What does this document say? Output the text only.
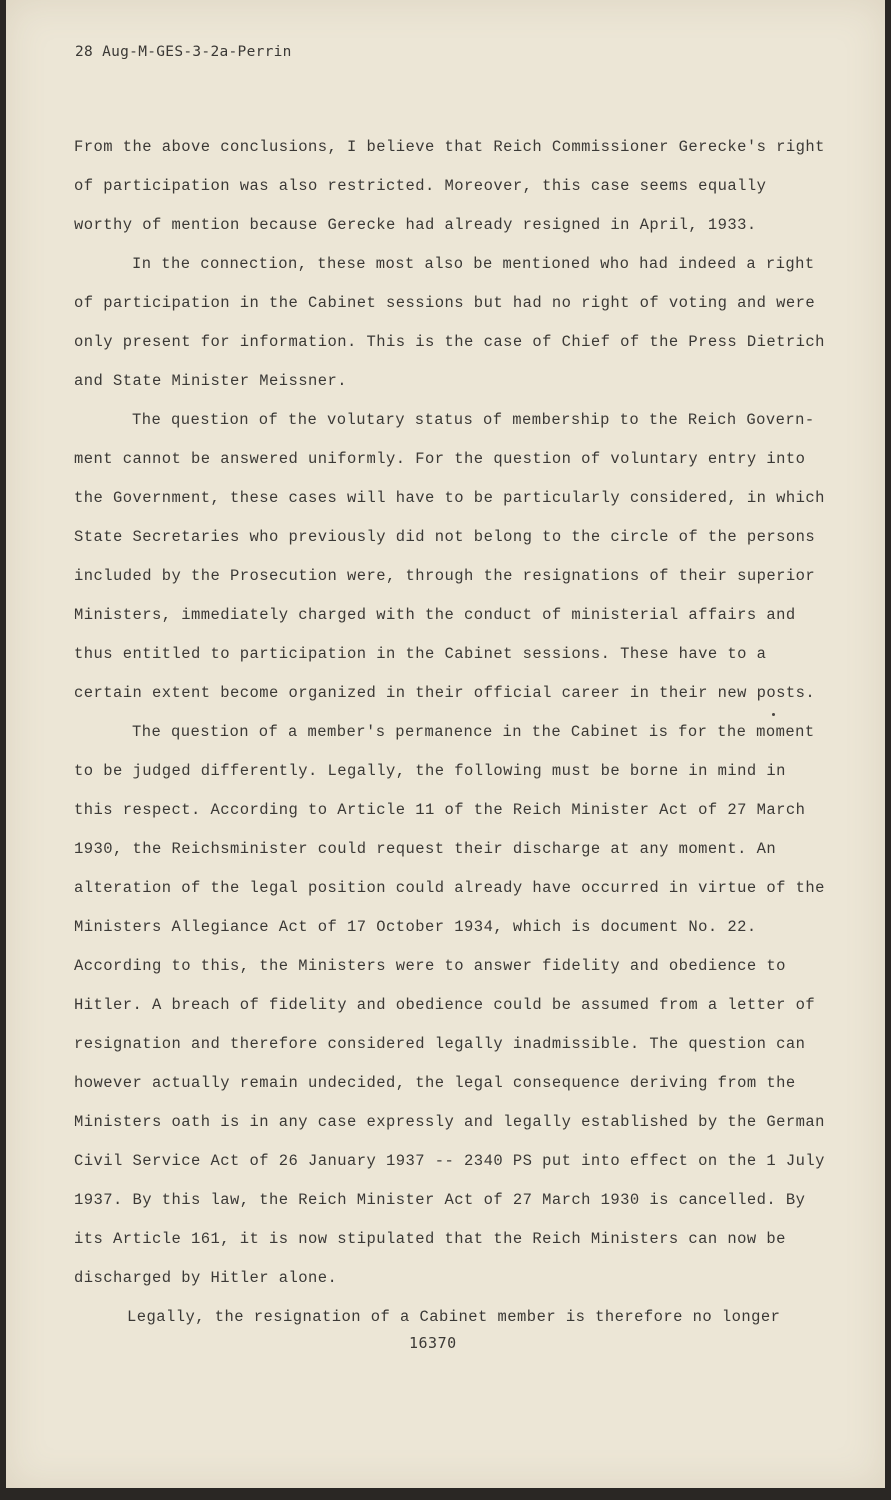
28 Aug-M-GES-3-2a-Perrin
From the above conclusions, I believe that Reich Commissioner Gerecke's right
of participation was also restricted. Moreover, this case seems equally
worthy of mention because Gerecke had already resigned in April, 1933.
In the connection, these most also be mentioned who had indeed a right
of participation in the Cabinet sessions but had no right of voting and were
only present for information. This is the case of Chief of the Press Dietrich
and State Minister Meissner.
The question of the volutary status of membership to the Reich Govern-
ment cannot be answered uniformly. For the question of voluntary entry into
the Government, these cases will have to be particularly considered, in which
State Secretaries who previously did not belong to the circle of the persons
included by the Prosecution were, through the resignations of their superior
Ministers, immediately charged with the conduct of ministerial affairs and
thus entitled to participation in the Cabinet sessions. These have to a
certain extent become organized in their official career in their new posts.
The question of a member's permanence in the Cabinet is for the moment
to be judged differently. Legally, the following must be borne in mind in
this respect. According to Article 11 of the Reich Minister Act of 27 March
1930, the Reichsminister could request their discharge at any moment. An
alteration of the legal position could already have occurred in virtue of the
Ministers Allegiance Act of 17 October 1934, which is document No. 22.
According to this, the Ministers were to answer fidelity and obedience to
Hitler. A breach of fidelity and obedience could be assumed from a letter of
resignation and therefore considered legally inadmissible. The question can
however actually remain undecided, the legal consequence deriving from the
Ministers oath is in any case expressly and legally established by the German
Civil Service Act of 26 January 1937 -- 2340 PS put into effect on the 1 July
1937. By this law, the Reich Minister Act of 27 March 1930 is cancelled. By
its Article 161, it is now stipulated that the Reich Ministers can now be
discharged by Hitler alone.
Legally, the resignation of a Cabinet member is therefore no longer
16370
